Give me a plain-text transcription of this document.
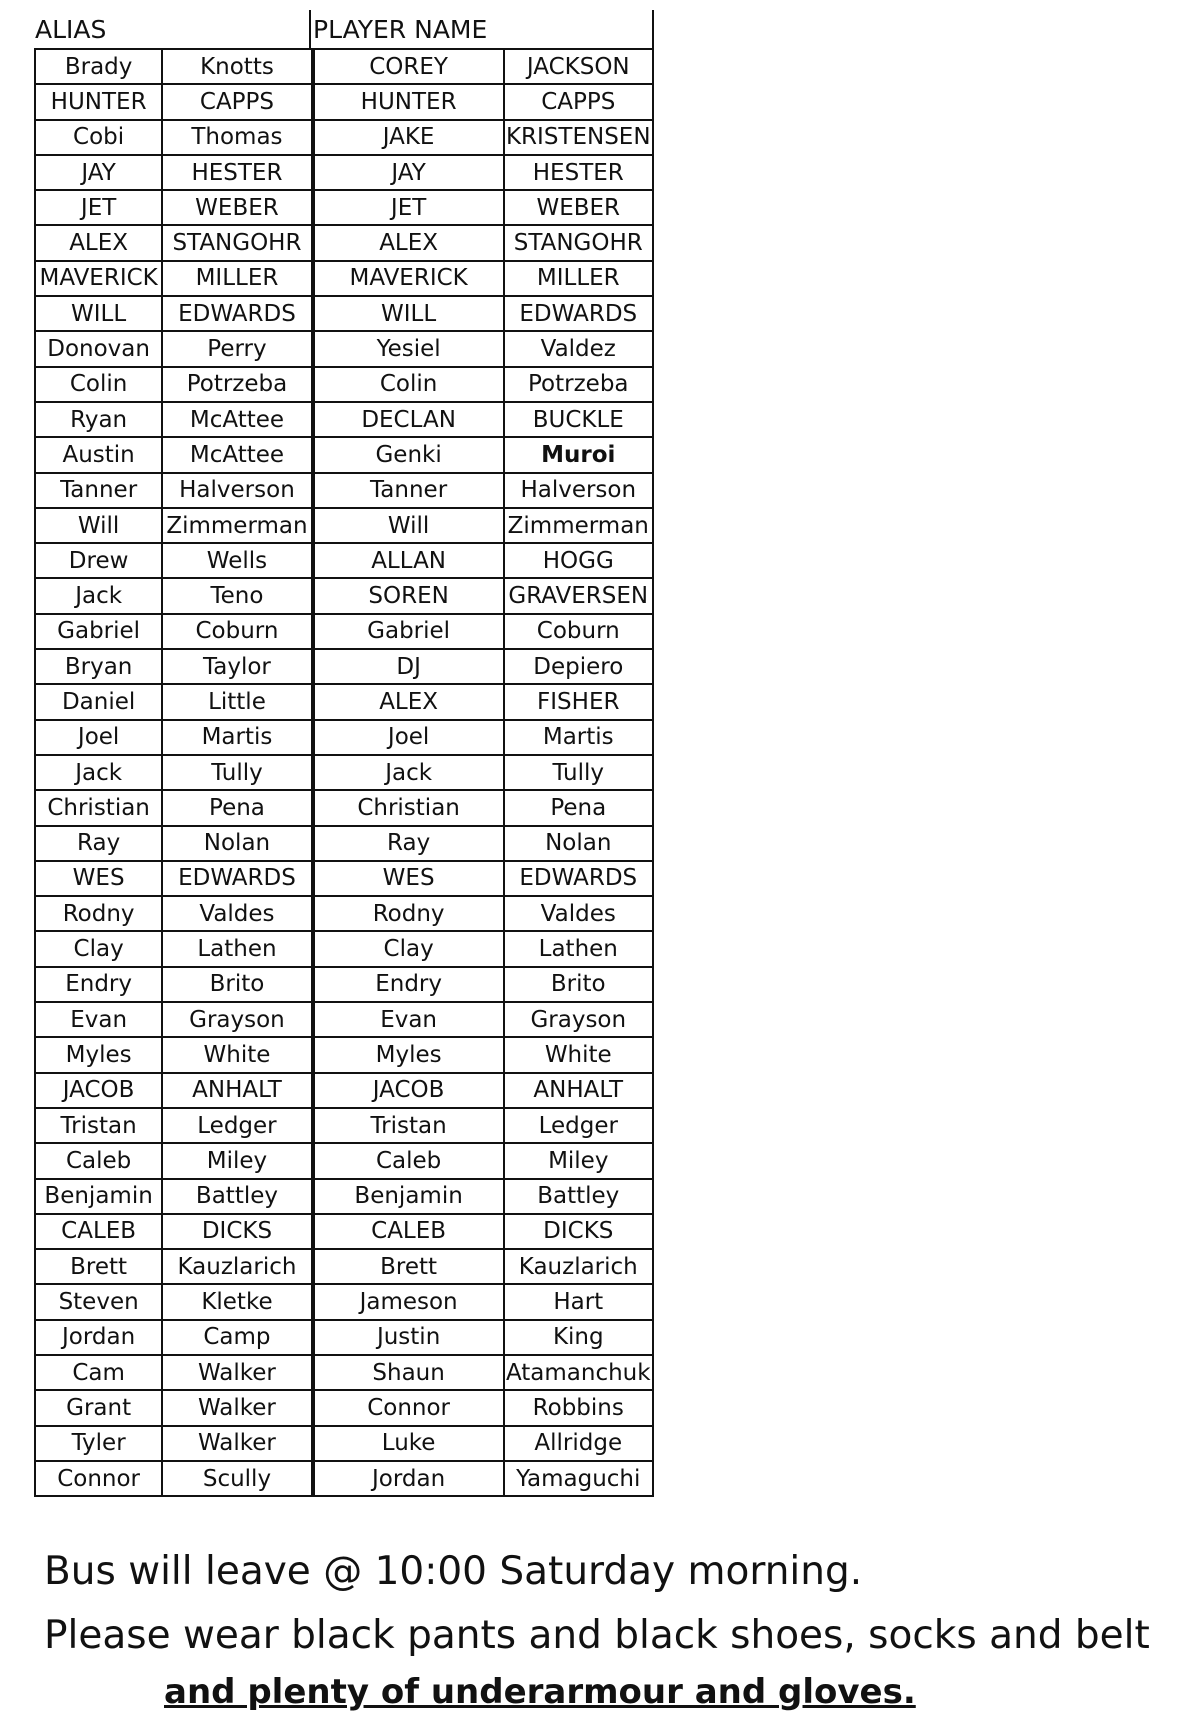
ALIAS	PLAYER NAME
Brady	Knotts	COREY	JACKSON
HUNTER	CAPPS	HUNTER	CAPPS
Cobi	Thomas	JAKE	KRISTENSEN
JAY	HESTER	JAY	HESTER
JET	WEBER	JET	WEBER
ALEX	STANGOHR	ALEX	STANGOHR
MAVERICK	MILLER	MAVERICK	MILLER
WILL	EDWARDS	WILL	EDWARDS
Donovan	Perry	Yesiel	Valdez
Colin	Potrzeba	Colin	Potrzeba
Ryan	McAttee	DECLAN	BUCKLE
Austin	McAttee	Genki	Muroi
Tanner	Halverson	Tanner	Halverson
Will	Zimmerman	Will	Zimmerman
Drew	Wells	ALLAN	HOGG
Jack	Teno	SOREN	GRAVERSEN
Gabriel	Coburn	Gabriel	Coburn
Bryan	Taylor	DJ	Depiero
Daniel	Little	ALEX	FISHER
Joel	Martis	Joel	Martis
Jack	Tully	Jack	Tully
Christian	Pena	Christian	Pena
Ray	Nolan	Ray	Nolan
WES	EDWARDS	WES	EDWARDS
Rodny	Valdes	Rodny	Valdes
Clay	Lathen	Clay	Lathen
Endry	Brito	Endry	Brito
Evan	Grayson	Evan	Grayson
Myles	White	Myles	White
JACOB	ANHALT	JACOB	ANHALT
Tristan	Ledger	Tristan	Ledger
Caleb	Miley	Caleb	Miley
Benjamin	Battley	Benjamin	Battley
CALEB	DICKS	CALEB	DICKS
Brett	Kauzlarich	Brett	Kauzlarich
Steven	Kletke	Jameson	Hart
Jordan	Camp	Justin	King
Cam	Walker	Shaun	Atamanchuk
Grant	Walker	Connor	Robbins
Tyler	Walker	Luke	Allridge
Connor	Scully	Jordan	Yamaguchi
Bus will leave @ 10:00 Saturday morning.
Please wear black pants and black shoes, socks and belt
and plenty of underarmour and gloves.
